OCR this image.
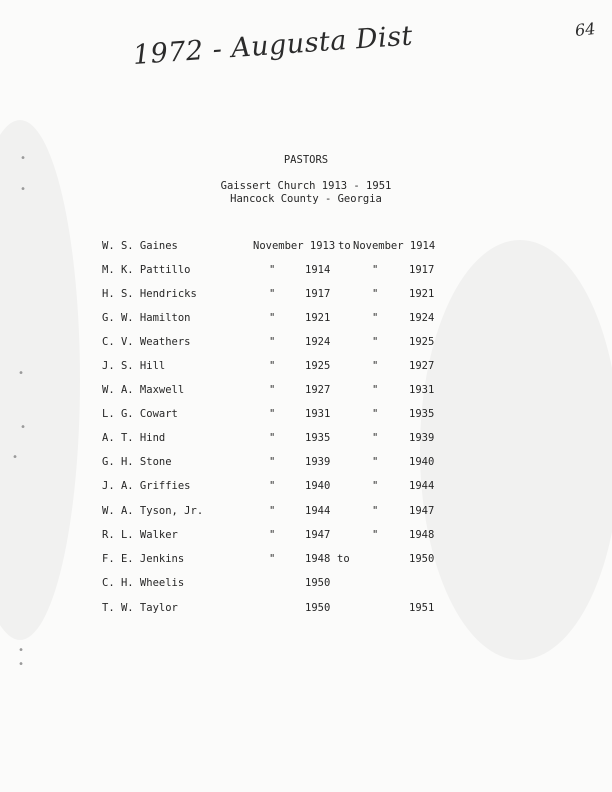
1972 - Augusta Dist	64
PASTORS
Gaissert Church 1913 - 1951
Hancock County - Georgia
W. S. Gaines	November 1913 to November 1914
M. K. Pattillo	"	1914	"	1917
H. S. Hendricks	"	1917	"	1921
G. W. Hamilton	"	1921	"	1924
C. V. Weathers	"	1924	"	1925
J. S. Hill	"	1925	"	1927
W. A. Maxwell	"	1927	"	1931
L. G. Cowart	"	1931	"	1935
A. T. Hind	"	1935	"	1939
G. H. Stone	"	1939	"	1940
J. A. Griffies	"	1940	"	1944
W. A. Tyson, Jr.	"	1944	"	1947
R. L. Walker	"	1947	"	1948
F. E. Jenkins	"	1948 to	1950
C. H. Wheelis	1950
T. W. Taylor	1950	1951
•
•
•
•
•
•
•
